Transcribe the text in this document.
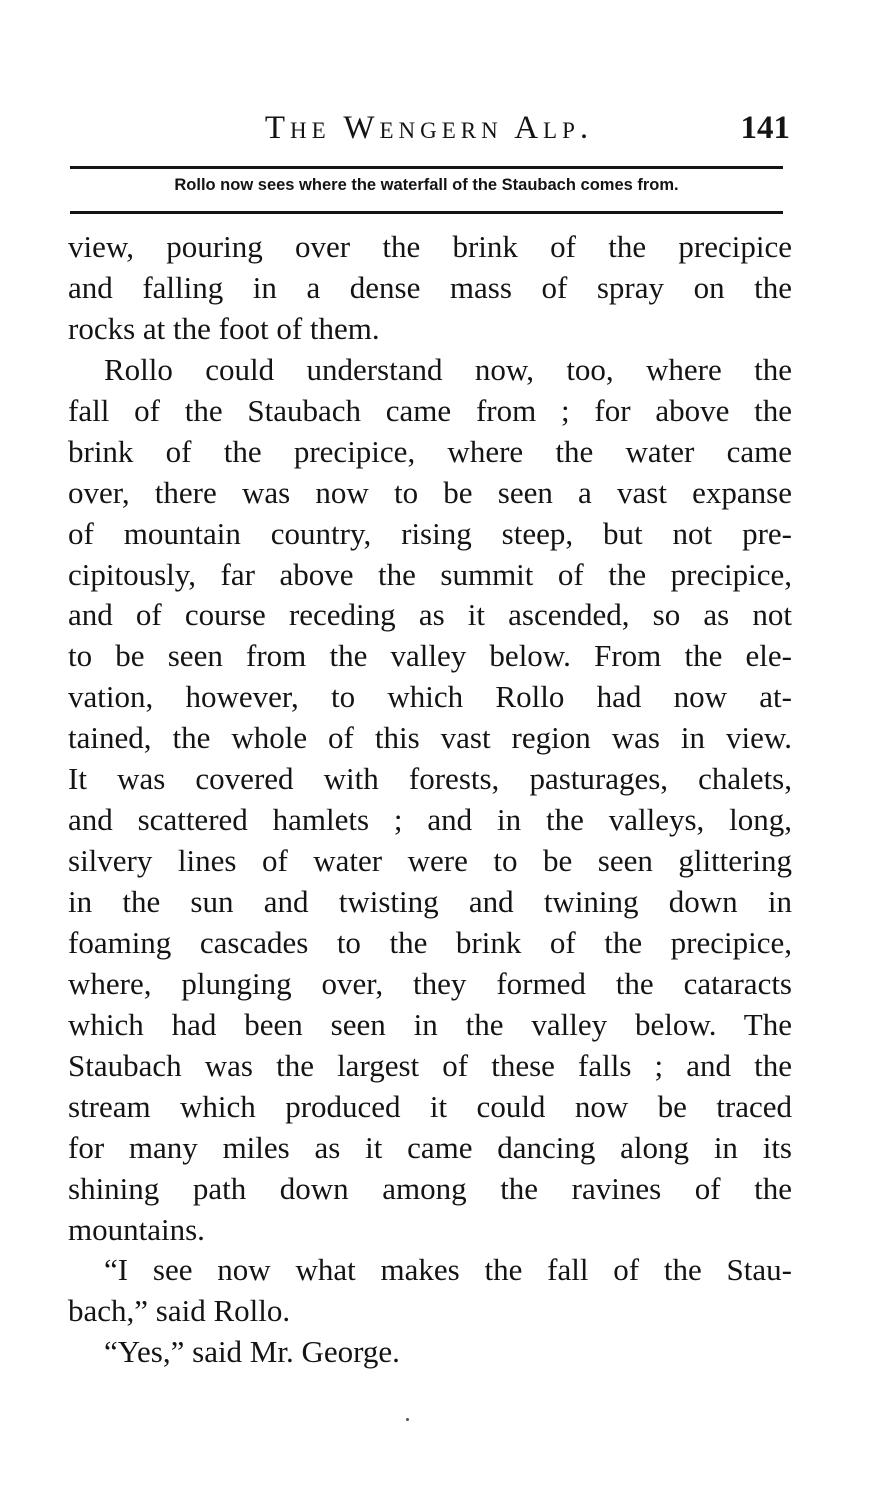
The Wengern Alp.	141
Rollo now sees where the waterfall of the Staubach comes from.
view, pouring over the brink of the precipice
and falling in a dense mass of spray on the
rocks at the foot of them.
Rollo could understand now, too, where the
fall of the Staubach came from ; for above the
brink of the precipice, where the water came
over, there was now to be seen a vast expanse
of mountain country, rising steep, but not pre-
cipitously, far above the summit of the precipice,
and of course receding as it ascended, so as not
to be seen from the valley below. From the ele-
vation, however, to which Rollo had now at-
tained, the whole of this vast region was in view.
It was covered with forests, pasturages, chalets,
and scattered hamlets ; and in the valleys, long,
silvery lines of water were to be seen glittering
in the sun and twisting and twining down in
foaming cascades to the brink of the precipice,
where, plunging over, they formed the cataracts
which had been seen in the valley below. The
Staubach was the largest of these falls ; and the
stream which produced it could now be traced
for many miles as it came dancing along in its
shining path down among the ravines of the
mountains.
“I see now what makes the fall of the Stau-
bach,” said Rollo.
“Yes,” said Mr. George.
